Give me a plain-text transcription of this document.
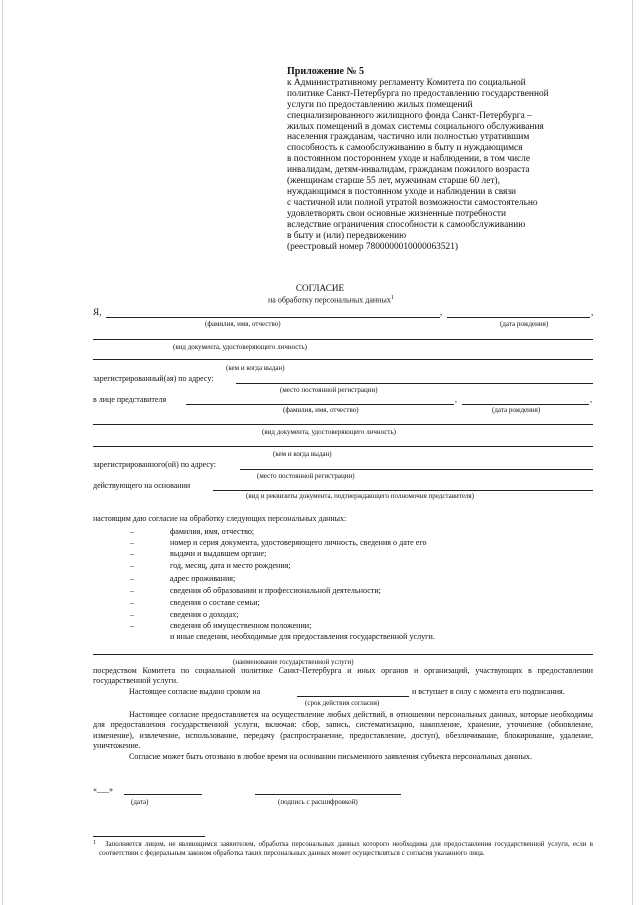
Приложение № 5
к Административному регламенту Комитета по социальной
политике Санкт-Петербурга по предоставлению государственной
услуги по предоставлению жилых помещений
специализированного жилищного фонда Санкт-Петербурга –
жилых помещений в домах системы социального обслуживания
населения гражданам, частично или полностью утратившим
способность к самообслуживанию в быту и нуждающимся
в постоянном постороннем уходе и наблюдении, в том числе
инвалидам, детям-инвалидам, гражданам пожилого возраста
(женщинам старше 55 лет, мужчинам старше 60 лет),
нуждающимся в постоянном уходе и наблюдении в связи
с частичной или полной утратой возможности самостоятельно
удовлетворять свои основные жизненные потребности
вследствие ограничения способности к самообслуживанию
в быту и (или) передвижению
(реестровый номер 7800000010000063521)
СОГЛАСИЕ
на обработку персональных данных$^1$
Я,	,	,
(фамилия, имя, отчество)	(дата рождения)
(вид документа, удостоверяющего личность)
(кем и когда выдан)
зарегистрированный(ая) по адресу:
(место постоянной регистрации)
в лице представителя	,	,
(фамилия, имя, отчество)	(дата рождения)
(вид документа, удостоверяющего личность)
(кем и когда выдан)
зарегистрированного(ой) по адресу:
(место постоянной регистрации)
действующего на основании
(вид и реквизиты документа, подтверждающего полномочия представителя)
настоящим даю согласие на обработку следующих персональных данных:
–	фамилия, имя, отчество;
–	номер и серия документа, удостоверяющего личность, сведения о дате его
–	выдачи и выдавшем органе;
–	год, месяц, дата и место рождения;
–	адрес проживания;
–	сведения об образовании и профессиональной деятельности;
–	сведения о составе семьи;
–	сведения о доходах;
–	сведения об имущественном положении;
и иные сведения, необходимые для предоставления государственной услуги.
(наименование государственной услуги)
посредством Комитета по социальной политике Санкт-Петербурга и иных органов и организаций, участвующих в предоставлении государственной услуги.
Настоящее согласие выдано сроком на	и вступает в силу с момента его подписания.
(срок действия согласия)
Настоящее согласие предоставляется на осуществление любых действий, в отношении персональных данных, которые необходимы для предоставления государственной услуги, включая: сбор, запись, систематизацию, накопление, хранение, уточнение (обновление, изменение), извлечение, использование, передачу (распространение, предоставление, доступ), обезличивание, блокирование, удаление, уничтожение.
Согласие может быть отозвано в любое время на основании письменного заявления субъекта персональных данных.
«___»
(дата)	(подпись с расшифровкой)
1	Заполняется лицом, не являющимся заявителем, обработка персональных данных которого необходима для предоставления государственной услуги, если в соответствии с федеральным законом обработка таких персональных данных может осуществляться с согласия указанного лица.
